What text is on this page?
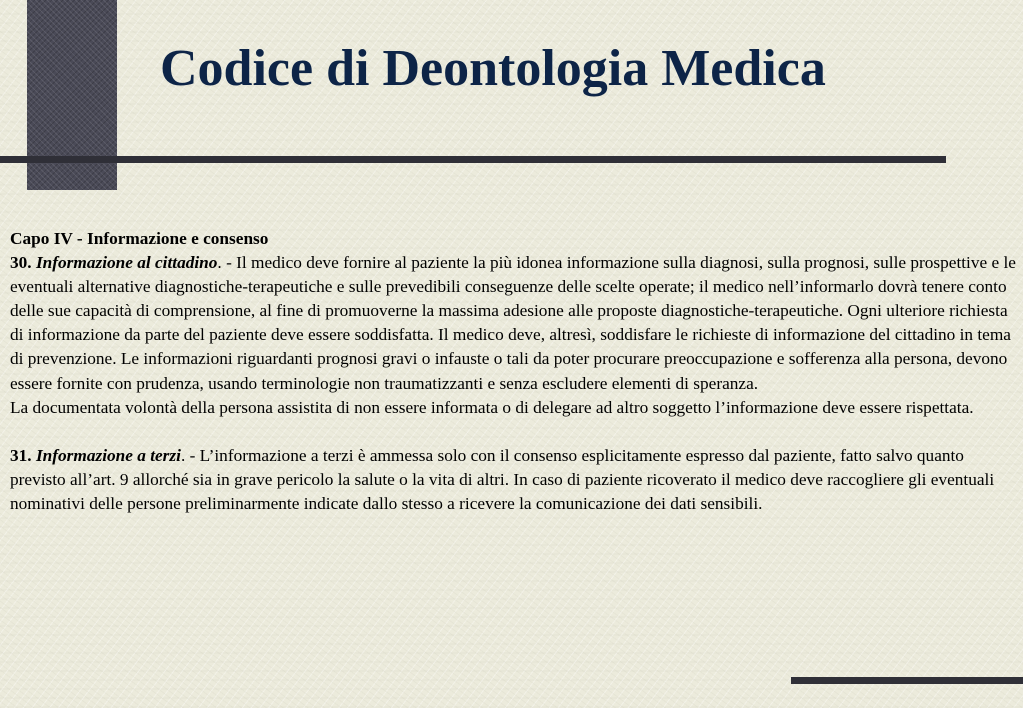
Codice di Deontologia Medica

Capo IV - Informazione e consenso

30. Informazione al cittadino. - Il medico deve fornire al paziente la più idonea informazione sulla diagnosi, sulla prognosi, sulle prospettive e le eventuali alternative diagnostiche-terapeutiche e sulle prevedibili conseguenze delle scelte operate; il medico nell’informarlo dovrà tenere conto delle sue capacità di comprensione, al fine di promuoverne la massima adesione alle proposte diagnostiche-terapeutiche. Ogni ulteriore richiesta di informazione da parte del paziente deve essere soddisfatta. Il medico deve, altresì, soddisfare le richieste di informazione del cittadino in tema di prevenzione. Le informazioni riguardanti prognosi gravi o infauste o tali da poter procurare preoccupazione e sofferenza alla persona, devono essere fornite con prudenza, usando terminologie non traumatizzanti e senza escludere elementi di speranza.

La documentata volontà della persona assistita di non essere informata o di delegare ad altro soggetto l’informazione deve essere rispettata.

31. Informazione a terzi. - L’informazione a terzi è ammessa solo con il consenso esplicitamente espresso dal paziente, fatto salvo quanto previsto all’art. 9 allorché sia in grave pericolo la salute o la vita di altri. In caso di paziente ricoverato il medico deve raccogliere gli eventuali nominativi delle persone preliminarmente indicate dallo stesso a ricevere la comunicazione dei dati sensibili.
